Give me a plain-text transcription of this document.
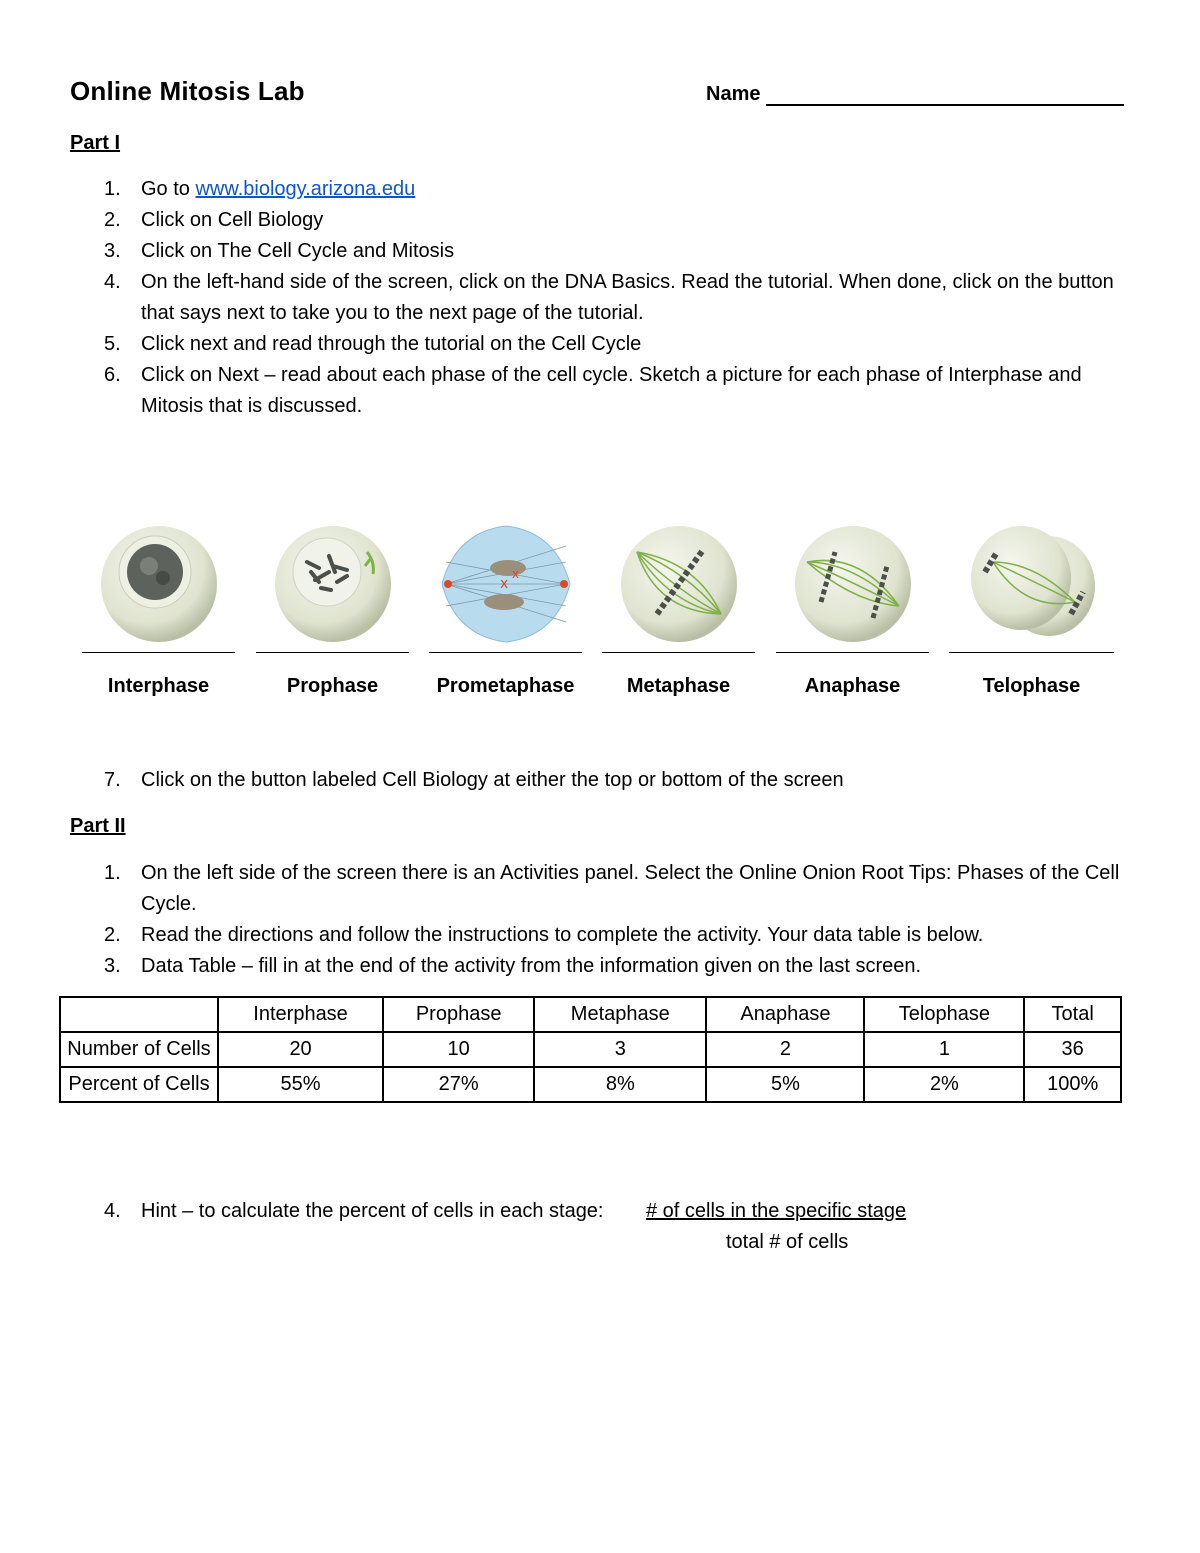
Online Mitosis Lab	Name
Part I
1. Go to www.biology.arizona.edu
2. Click on Cell Biology
3. Click on The Cell Cycle and Mitosis
4. On the left-hand side of the screen, click on the DNA Basics. Read the tutorial. When done, click on the button that says next to take you to the next page of the tutorial.
5. Click next and read through the tutorial on the Cell Cycle
6. Click on Next – read about each phase of the cell cycle. Sketch a picture for each phase of Interphase and Mitosis that is discussed.
Interphase	Prophase
x
x
Prometaphase	Metaphase	Anaphase	Telophase
7. Click on the button labeled Cell Biology at either the top or bottom of the screen
Part II
1. On the left side of the screen there is an Activities panel. Select the Online Onion Root Tips: Phases of the Cell Cycle.
2. Read the directions and follow the instructions to complete the activity. Your data table is below.
3. Data Table – fill in at the end of the activity from the information given on the last screen.
	Interphase	Prophase	Metaphase	Anaphase	Telophase	Total
Number of Cells	20	10	3	2	1	36
Percent of Cells	55%	27%	8%	5%	2%	100%
4. Hint – to calculate the percent of cells in each stage:	# of cells in the specific stage
total # of cells
